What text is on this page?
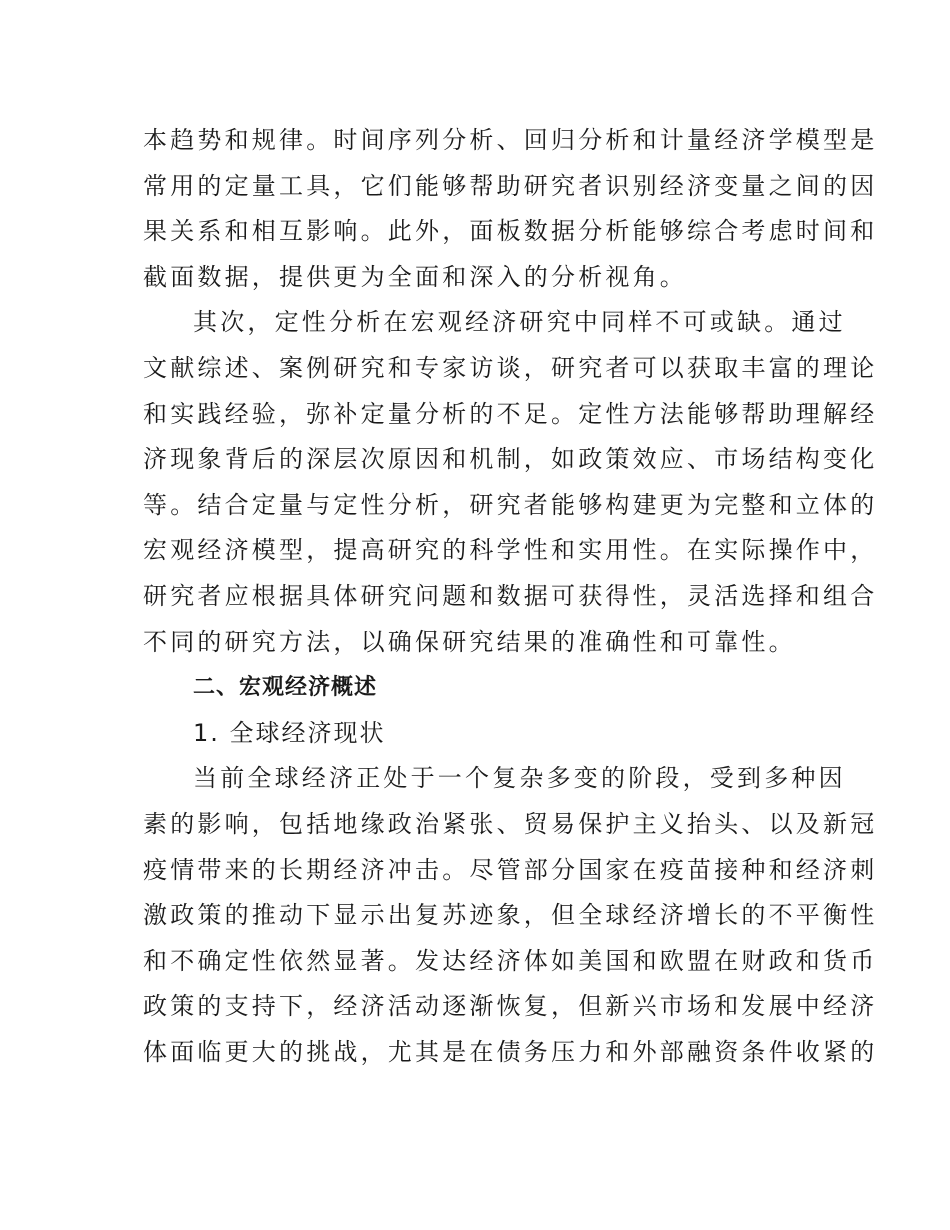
本趋势和规律。时间序列分析、回归分析和计量经济学模型是
常用的定量工具，它们能够帮助研究者识别经济变量之间的因
果关系和相互影响。此外，面板数据分析能够综合考虑时间和
截面数据，提供更为全面和深入的分析视角。
其次，定性分析在宏观经济研究中同样不可或缺。通过
文献综述、案例研究和专家访谈，研究者可以获取丰富的理论
和实践经验，弥补定量分析的不足。定性方法能够帮助理解经
济现象背后的深层次原因和机制，如政策效应、市场结构变化
等。结合定量与定性分析，研究者能够构建更为完整和立体的
宏观经济模型，提高研究的科学性和实用性。在实际操作中，
研究者应根据具体研究问题和数据可获得性，灵活选择和组合
不同的研究方法，以确保研究结果的准确性和可靠性。
二、宏观经济概述
1. 全球经济现状
当前全球经济正处于一个复杂多变的阶段，受到多种因
素的影响，包括地缘政治紧张、贸易保护主义抬头、以及新冠
疫情带来的长期经济冲击。尽管部分国家在疫苗接种和经济刺
激政策的推动下显示出复苏迹象，但全球经济增长的不平衡性
和不确定性依然显著。发达经济体如美国和欧盟在财政和货币
政策的支持下，经济活动逐渐恢复，但新兴市场和发展中经济
体面临更大的挑战，尤其是在债务压力和外部融资条件收紧的
